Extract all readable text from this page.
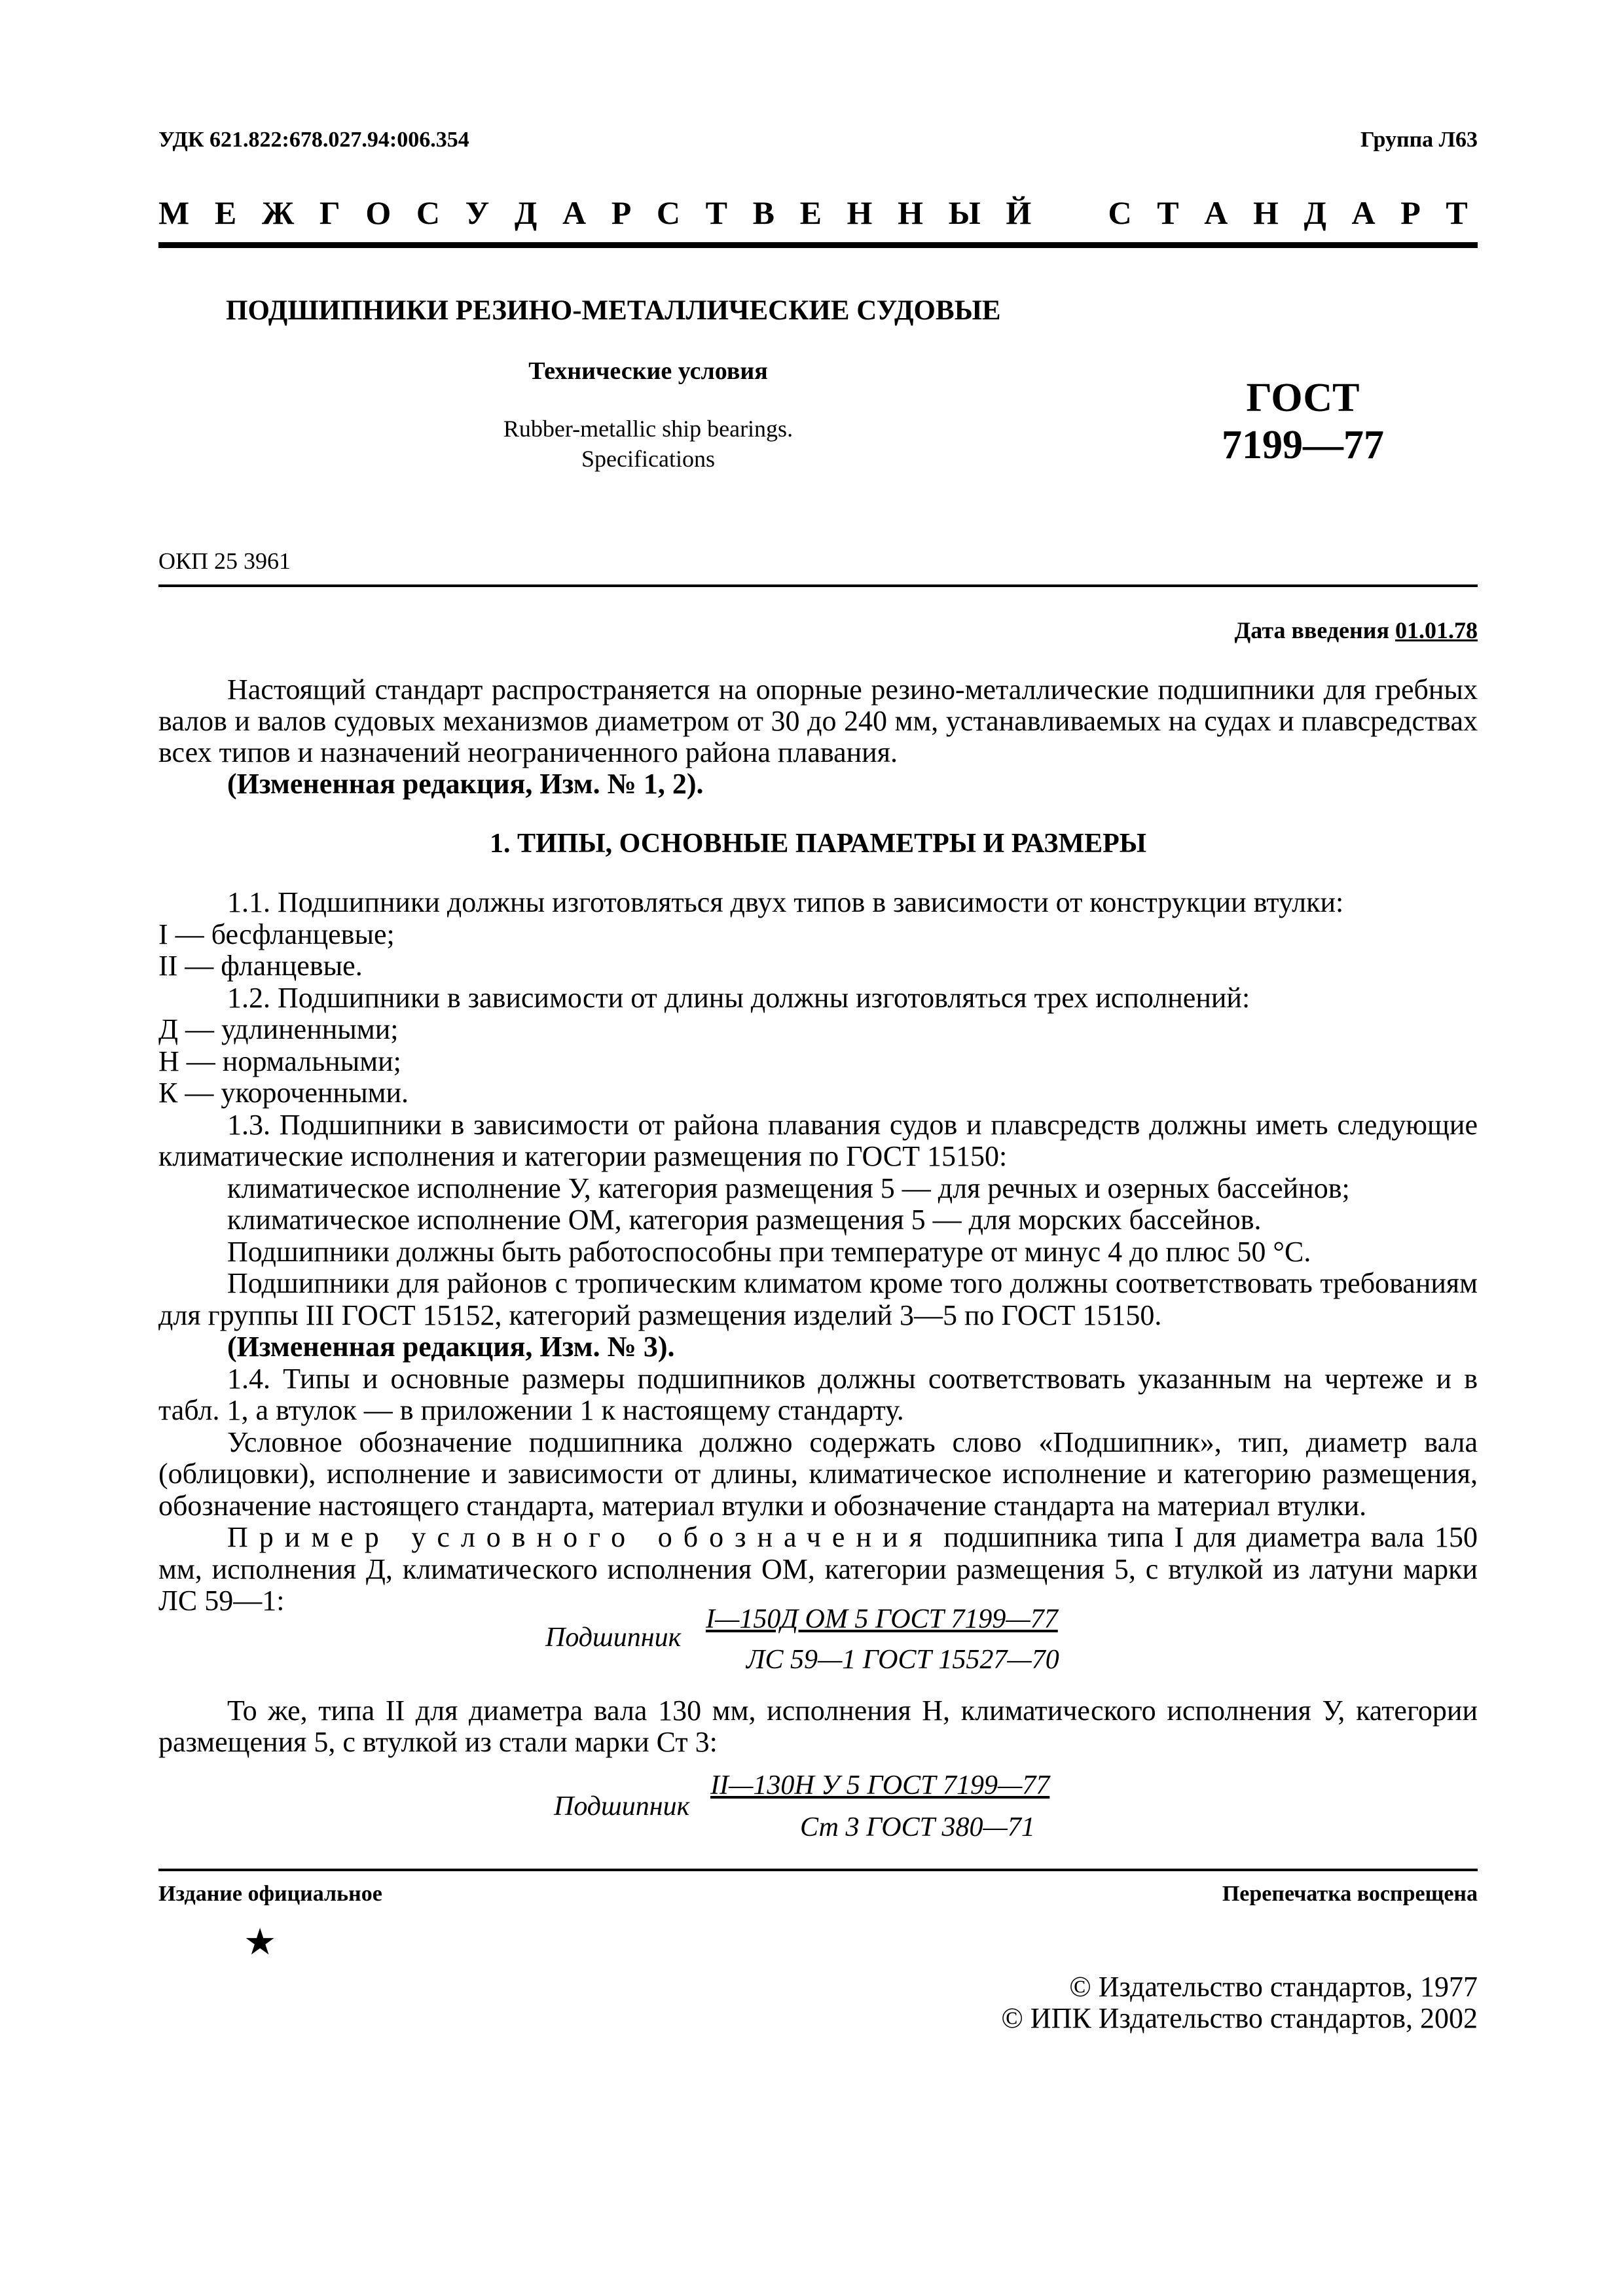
УДК 621.822:678.027.94:006.354	Группа Л63
М Е Ж Г О С У Д А Р С Т В Е Н Н Ы Й
С Т А Н Д А Р Т
ПОДШИПНИКИ РЕЗИНО-МЕТАЛЛИЧЕСКИЕ СУДОВЫЕ
Технические условия
Rubber-metallic ship bearings.
Specifications
ГОСТ
7199—77
ОКП 25 3961
Дата введения 01.01.78
Настоящий стандарт распространяется на опорные резино-металлические подшипники для гребных валов и валов судовых механизмов диаметром от 30 до 240 мм, устанавливаемых на судах и плавсредствах всех типов и назначений неограниченного района плавания.
(Измененная редакция, Изм. № 1, 2).
1. ТИПЫ, ОСНОВНЫЕ ПАРАМЕТРЫ И РАЗМЕРЫ
1.1. Подшипники должны изготовляться двух типов в зависимости от конструкции втулки:
I — бесфланцевые;
II — фланцевые.
1.2. Подшипники в зависимости от длины должны изготовляться трех исполнений:
Д — удлиненными;
Н — нормальными;
К — укороченными.
1.3. Подшипники в зависимости от района плавания судов и плавсредств должны иметь следующие климатические исполнения и категории размещения по ГОСТ 15150:
климатическое исполнение У, категория размещения 5 — для речных и озерных бассейнов;
климатическое исполнение ОМ, категория размещения 5 — для морских бассейнов.
Подшипники должны быть работоспособны при температуре от минус 4 до плюс 50 °С.
Подшипники для районов с тропическим климатом кроме того должны соответствовать требованиям для группы III ГОСТ 15152, категорий размещения изделий 3—5 по ГОСТ 15150.
(Измененная редакция, Изм. № 3).
1.4. Типы и основные размеры подшипников должны соответствовать указанным на чертеже и в табл. 1, а втулок — в приложении 1 к настоящему стандарту.
Условное обозначение подшипника должно содержать слово «Подшипник», тип, диаметр вала (облицовки), исполнение и зависимости от длины, климатическое исполнение и категорию размещения, обозначение настоящего стандарта, материал втулки и обозначение стандарта на материал втулки.
Пример условного обозначения подшипника типа I для диаметра вала 150 мм, исполнения Д, климатического исполнения ОМ, категории размещения 5, с втулкой из латуни марки ЛС 59—1:
Подшипник
I—150Д ОМ 5 ГОСТ 7199—77
ЛС 59—1 ГОСТ 15527—70
То же, типа II для диаметра вала 130 мм, исполнения Н, климатического исполнения У, категории размещения 5, с втулкой из стали марки Ст 3:
Подшипник
II—130Н У 5 ГОСТ 7199—77
Ст 3 ГОСТ 380—71
Издание официальное	Перепечатка воспрещена
★
© Издательство стандартов, 1977
© ИПК Издательство стандартов, 2002
